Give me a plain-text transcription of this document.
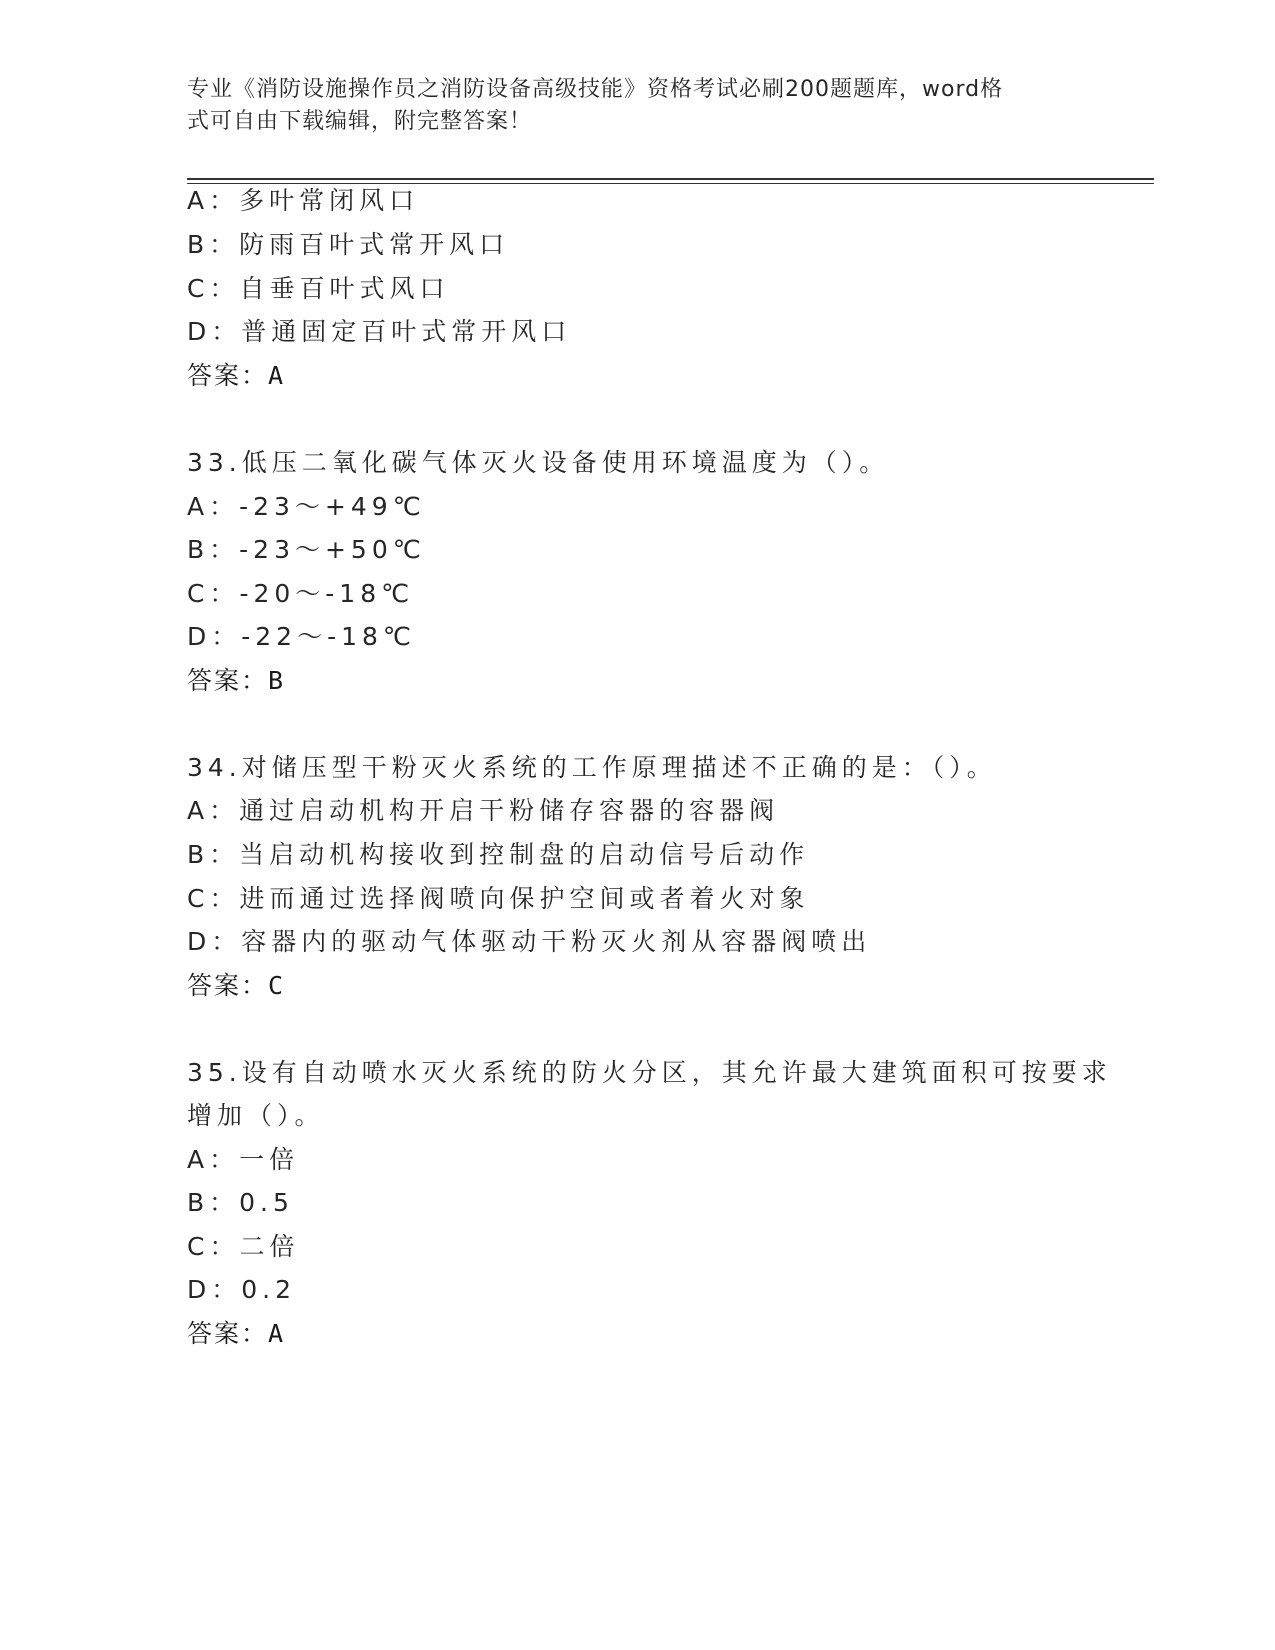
专业《消防设施操作员之消防设备高级技能》资格考试必刷200题题库，word格
式可自由下载编辑，附完整答案！
A：多叶常闭风口
B：防雨百叶式常开风口
C：自垂百叶式风口
D：普通固定百叶式常开风口
答案：A
33.低压二氧化碳气体灭火设备使用环境温度为（）。
A：-23～+49℃
B：-23～+50℃
C：-20～-18℃
D：-22～-18℃
答案：B
34.对储压型干粉灭火系统的工作原理描述不正确的是：（）。
A：通过启动机构开启干粉储存容器的容器阀
B：当启动机构接收到控制盘的启动信号后动作
C：进而通过选择阀喷向保护空间或者着火对象
D：容器内的驱动气体驱动干粉灭火剂从容器阀喷出
答案：C
35.设有自动喷水灭火系统的防火分区，其允许最大建筑面积可按要求
增加（）。
A：一倍
B：0.5
C：二倍
D：0.2
答案：A
